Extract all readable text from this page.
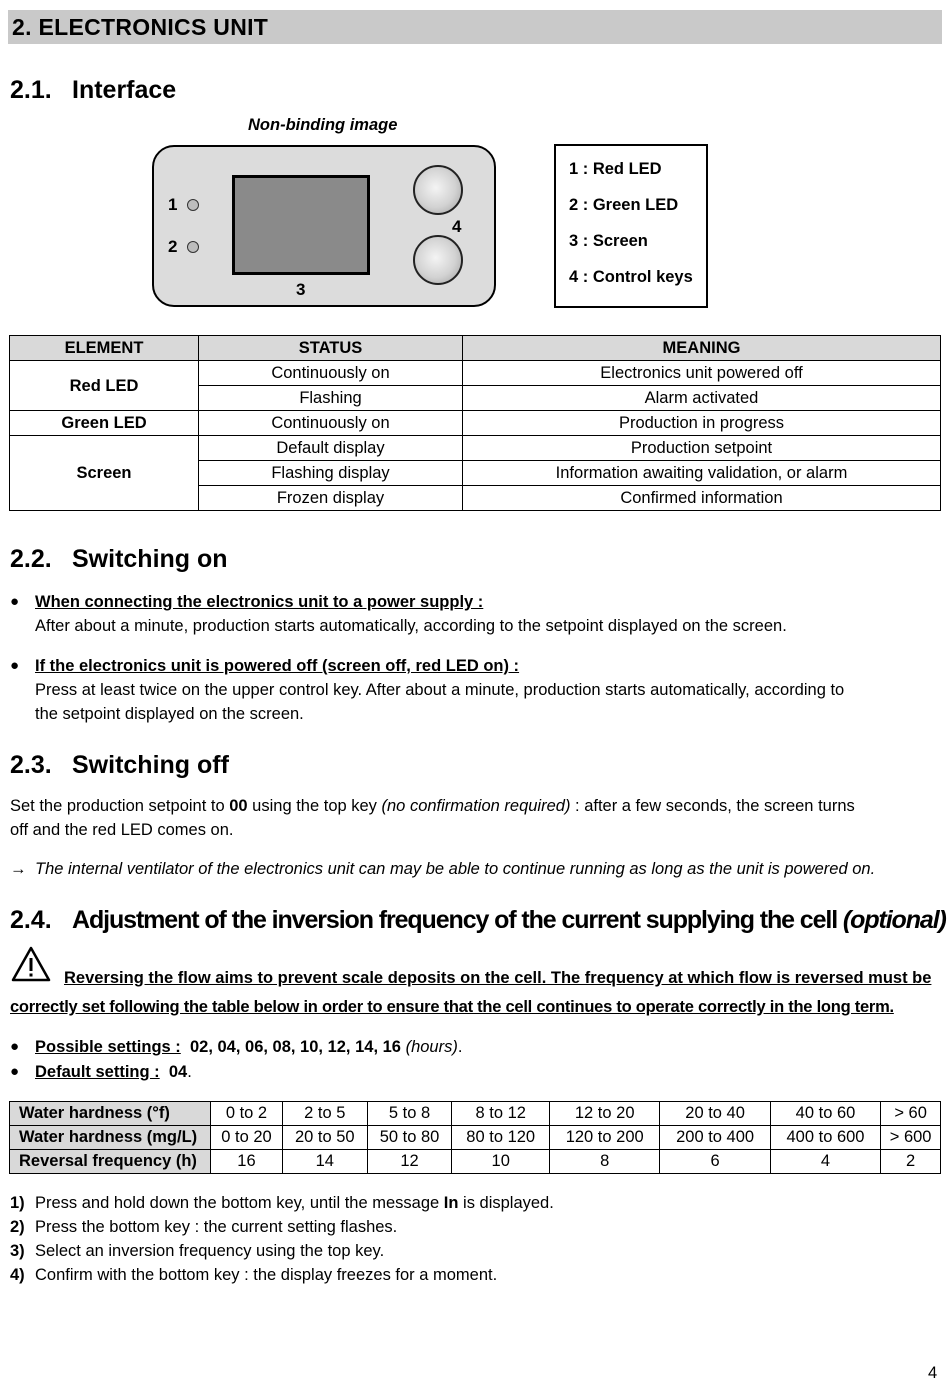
2. ELECTRONICS UNIT
2.1. Interface
Non-binding image
1
2
3
4
1 : Red LED
2 : Green LED
3 : Screen
4 : Control keys
ELEMENT	STATUS	MEANING
Red LED	Continuously on	Electronics unit powered off
	Flashing	Alarm activated
Green LED	Continuously on	Production in progress
Screen	Default display	Production setpoint
	Flashing display	Information awaiting validation, or alarm
	Frozen display	Confirmed information
2.2. Switching on
● When connecting the electronics unit to a power supply :
After about a minute, production starts automatically, according to the setpoint displayed on the screen.
● If the electronics unit is powered off (screen off, red LED on) :
Press at least twice on the upper control key. After about a minute, production starts automatically, according to
the setpoint displayed on the screen.
2.3. Switching off
Set the production setpoint to 00 using the top key (no confirmation required) : after a few seconds, the screen turns
off and the red LED comes on.
→ The internal ventilator of the electronics unit can may be able to continue running as long as the unit is powered on.
2.4. Adjustment of the inversion frequency of the current supplying the cell (optional)
Reversing the flow aims to prevent scale deposits on the cell. The frequency at which flow is reversed must be
correctly set following the table below in order to ensure that the cell continues to operate correctly in the long term.
● Possible settings : 02, 04, 06, 08, 10, 12, 14, 16 (hours).
● Default setting : 04.
Water hardness (°f)	0 to 2	2 to 5	5 to 8	8 to 12	12 to 20	20 to 40	40 to 60	> 60
Water hardness (mg/L)	0 to 20	20 to 50	50 to 80	80 to 120	120 to 200	200 to 400	400 to 600	> 600
Reversal frequency (h)	16	14	12	10	8	6	4	2
1) Press and hold down the bottom key, until the message In is displayed.
2) Press the bottom key : the current setting flashes.
3) Select an inversion frequency using the top key.
4) Confirm with the bottom key : the display freezes for a moment.
4
